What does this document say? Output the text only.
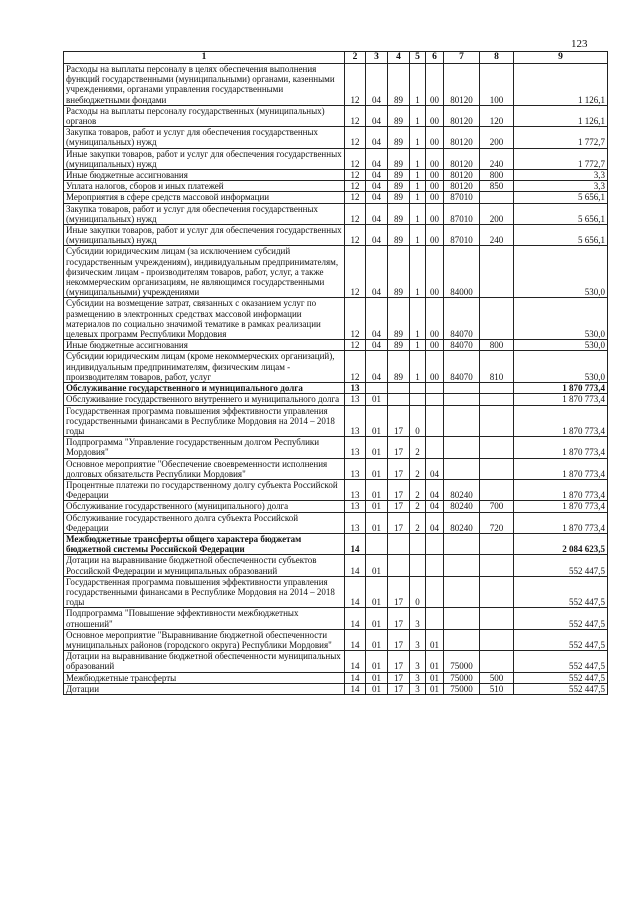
123
1	2	3	4	5	6	7	8	9
Расходы на выплаты персоналу в целях обеспечения выполнения функций государственными (муниципальными) органами, казенными учреждениями, органами управления государственными внебюджетными фондами	12	04	89	1	00	80120	100	1 126,1
Расходы на выплаты персоналу государственных (муниципальных) органов	12	04	89	1	00	80120	120	1 126,1
Закупка товаров, работ и услуг для обеспечения государственных (муниципальных) нужд	12	04	89	1	00	80120	200	1 772,7
Иные закупки товаров, работ и услуг для обеспечения государственных (муниципальных) нужд	12	04	89	1	00	80120	240	1 772,7
Иные бюджетные ассигнования	12	04	89	1	00	80120	800	3,3
Уплата налогов, сборов и иных платежей	12	04	89	1	00	80120	850	3,3
Мероприятия в сфере средств массовой информации	12	04	89	1	00	87010		5 656,1
Закупка товаров, работ и услуг для обеспечения государственных (муниципальных) нужд	12	04	89	1	00	87010	200	5 656,1
Иные закупки товаров, работ и услуг для обеспечения государственных (муниципальных) нужд	12	04	89	1	00	87010	240	5 656,1
Субсидии юридическим лицам (за исключением субсидий государственным учреждениям), индивидуальным предпринимателям, физическим лицам - производителям товаров, работ, услуг, а также некоммерческим организациям, не являющимся государственными (муниципальными) учреждениями	12	04	89	1	00	84000		530,0
Субсидии на возмещение затрат, связанных с оказанием услуг по размещению в электронных средствах массовой информации материалов по социально значимой тематике в рамках реализации целевых программ Республики Мордовия	12	04	89	1	00	84070		530,0
Иные бюджетные ассигнования	12	04	89	1	00	84070	800	530,0
Субсидии юридическим лицам (кроме некоммерческих организаций), индивидуальным предпринимателям, физическим лицам - производителям товаров, работ, услуг	12	04	89	1	00	84070	810	530,0
Обслуживание государственного и муниципального долга	13							1 870 773,4
Обслуживание государственного внутреннего и муниципального долга	13	01						1 870 773,4
Государственная программа повышения эффективности управления государственными финансами в Республике Мордовия на 2014 – 2018 годы	13	01	17	0				1 870 773,4
Подпрограмма "Управление государственным долгом Республики Мордовия"	13	01	17	2				1 870 773,4
Основное мероприятие "Обеспечение своевременности исполнения долговых обязательств Республики Мордовия"	13	01	17	2	04			1 870 773,4
Процентные платежи по государственному долгу субъекта Российской Федерации	13	01	17	2	04	80240		1 870 773,4
Обслуживание государственного (муниципального) долга	13	01	17	2	04	80240	700	1 870 773,4
Обслуживание государственного долга субъекта Российской Федерации	13	01	17	2	04	80240	720	1 870 773,4
Межбюджетные трансферты общего характера бюджетам бюджетной системы Российской Федерации	14							2 084 623,5
Дотации на выравнивание бюджетной обеспеченности субъектов Российской Федерации и муниципальных образований	14	01						552 447,5
Государственная программа повышения эффективности управления государственными финансами в Республике Мордовия на 2014 – 2018 годы	14	01	17	0				552 447,5
Подпрограмма "Повышение эффективности межбюджетных отношений"	14	01	17	3				552 447,5
Основное мероприятие "Выравнивание бюджетной обеспеченности муниципальных районов (городского округа) Республики Мордовия"	14	01	17	3	01			552 447,5
Дотации на выравнивание бюджетной обеспеченности муниципальных образований	14	01	17	3	01	75000		552 447,5
Межбюджетные трансферты	14	01	17	3	01	75000	500	552 447,5
Дотации	14	01	17	3	01	75000	510	552 447,5
